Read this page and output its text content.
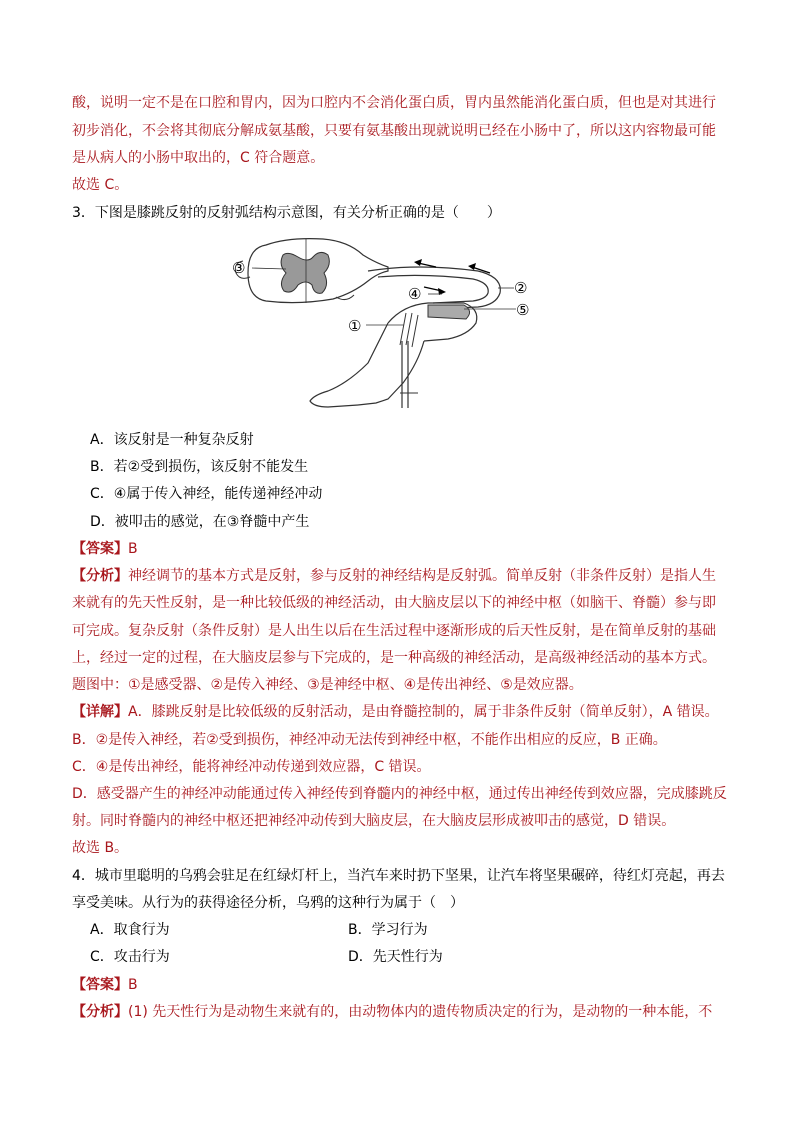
酸，说明一定不是在口腔和胃内，因为口腔内不会消化蛋白质，胃内虽然能消化蛋白质，但也是对其进行
初步消化，不会将其彻底分解成氨基酸，只要有氨基酸出现就说明已经在小肠中了，所以这内容物最可能
是从病人的小肠中取出的，C 符合题意。
故选 C。
3．下图是膝跳反射的反射弧结构示意图，有关分析正确的是（　　）
③
②
⑤
④
①
A．该反射是一种复杂反射
B．若②受到损伤，该反射不能发生
C．④属于传入神经，能传递神经冲动
D．被叩击的感觉，在③脊髓中产生
【答案】B
【分析】神经调节的基本方式是反射，参与反射的神经结构是反射弧。简单反射（非条件反射）是指人生
来就有的先天性反射，是一种比较低级的神经活动，由大脑皮层以下的神经中枢（如脑干、脊髓）参与即
可完成。复杂反射（条件反射）是人出生以后在生活过程中逐渐形成的后天性反射，是在简单反射的基础
上，经过一定的过程，在大脑皮层参与下完成的，是一种高级的神经活动，是高级神经活动的基本方式。
题图中：①是感受器、②是传入神经、③是神经中枢、④是传出神经、⑤是效应器。
【详解】A．膝跳反射是比较低级的反射活动，是由脊髓控制的，属于非条件反射（简单反射），A 错误。
B．②是传入神经，若②受到损伤，神经冲动无法传到神经中枢，不能作出相应的反应，B 正确。
C．④是传出神经，能将神经冲动传递到效应器，C 错误。
D．感受器产生的神经冲动能通过传入神经传到脊髓内的神经中枢，通过传出神经传到效应器，完成膝跳反
射。同时脊髓内的神经中枢还把神经冲动传到大脑皮层，在大脑皮层形成被叩击的感觉，D 错误。
故选 B。
4．城市里聪明的乌鸦会驻足在红绿灯杆上，当汽车来时扔下坚果，让汽车将坚果碾碎，待红灯亮起，再去
享受美味。从行为的获得途径分析，乌鸦的这种行为属于（　）
A．取食行为	B．学习行为
C．攻击行为	D．先天性行为
【答案】B
【分析】(1) 先天性行为是动物生来就有的，由动物体内的遗传物质决定的行为，是动物的一种本能，不
